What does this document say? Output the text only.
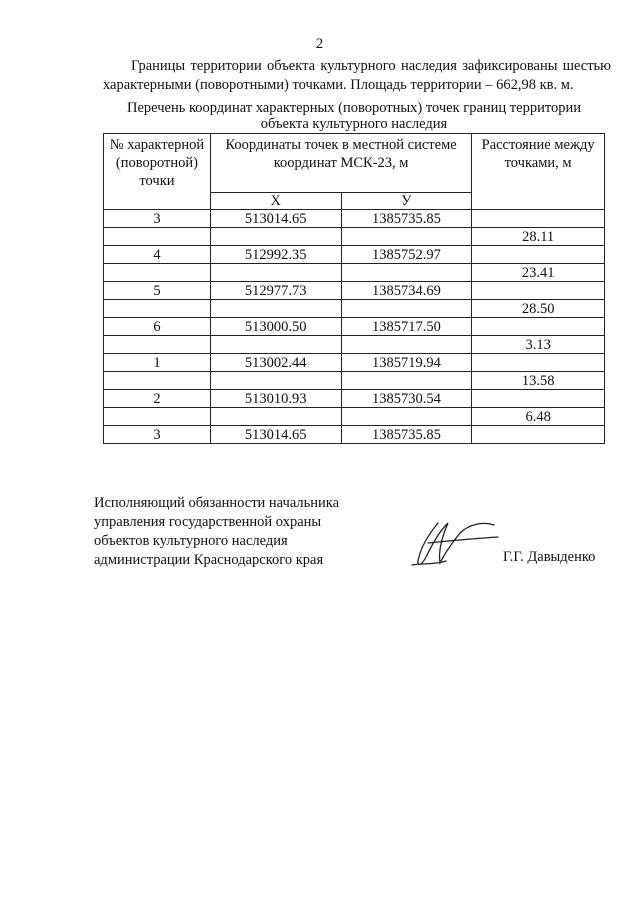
2
Границы территории объекта культурного наследия зафиксированы шестью
характерными (поворотными) точками. Площадь территории – 662,98 кв. м.
Перечень координат характерных (поворотных) точек границ территории
объекта культурного наследия
№ характерной (поворотной) точки	Координаты точек в местной системе координат МСК-23, м		Расстояние между точками, м
	Х	У	
3	513014.65	1385735.85	
			28.11
4	512992.35	1385752.97	
			23.41
5	512977.73	1385734.69	
			28.50
6	513000.50	1385717.50	
			3.13
1	513002.44	1385719.94	
			13.58
2	513010.93	1385730.54	
			6.48
3	513014.65	1385735.85	
Исполняющий обязанности начальника
управления государственной охраны
объектов культурного наследия
администрации Краснодарского края	Г.Г. Давыденко
